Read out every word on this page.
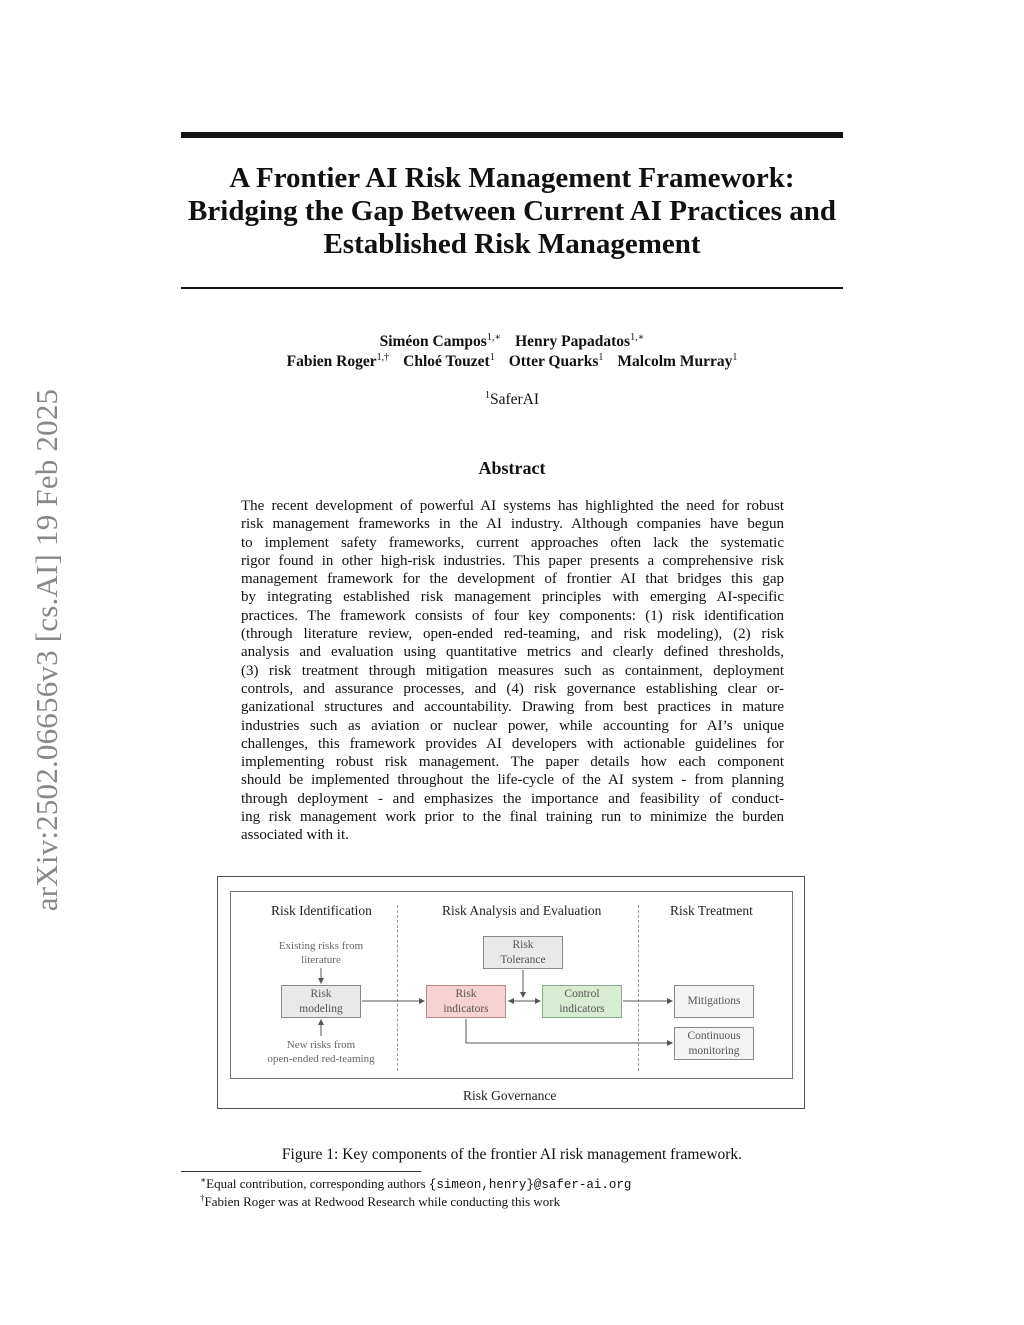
arXiv:2502.06656v3 [cs.AI] 19 Feb 2025
A Frontier AI Risk Management Framework:
Bridging the Gap Between Current AI Practices and
Established Risk Management
Siméon Campos$^{1,∗}$ Henry Papadatos$^{1,∗}$
Fabien Roger$^{1,\dagger}$ Chloé Touzet$^1$ Otter Quarks$^1$ Malcolm Murray$^1$
$^1$SaferAI
Abstract
The recent development of powerful AI systems has highlighted the need for robust
risk management frameworks in the AI industry. Although companies have begun
to implement safety frameworks, current approaches often lack the systematic
rigor found in other high-risk industries. This paper presents a comprehensive risk
management framework for the development of frontier AI that bridges this gap
by integrating established risk management principles with emerging AI-specific
practices. The framework consists of four key components: (1) risk identification
(through literature review, open-ended red-teaming, and risk modeling), (2) risk
analysis and evaluation using quantitative metrics and clearly defined thresholds,
(3) risk treatment through mitigation measures such as containment, deployment
controls, and assurance processes, and (4) risk governance establishing clear or-
ganizational structures and accountability. Drawing from best practices in mature
industries such as aviation or nuclear power, while accounting for AI’s unique
challenges, this framework provides AI developers with actionable guidelines for
implementing robust risk management. The paper details how each component
should be implemented throughout the life-cycle of the AI system - from planning
through deployment - and emphasizes the importance and feasibility of conduct-
ing risk management work prior to the final training run to minimize the burden
associated with it.
Risk Identification	Risk Analysis and Evaluation	Risk Treatment
Existing risks from
literature
New risks from
open-ended red-teaming
Risk
modeling
Risk
Tolerance
Risk
indicators
Control
indicators
Mitigations
Continuous
monitoring
Risk Governance
Figure 1: Key components of the frontier AI risk management framework.
∗Equal contribution, corresponding authors {simeon,henry}@safer-ai.org
†Fabien Roger was at Redwood Research while conducting this work
